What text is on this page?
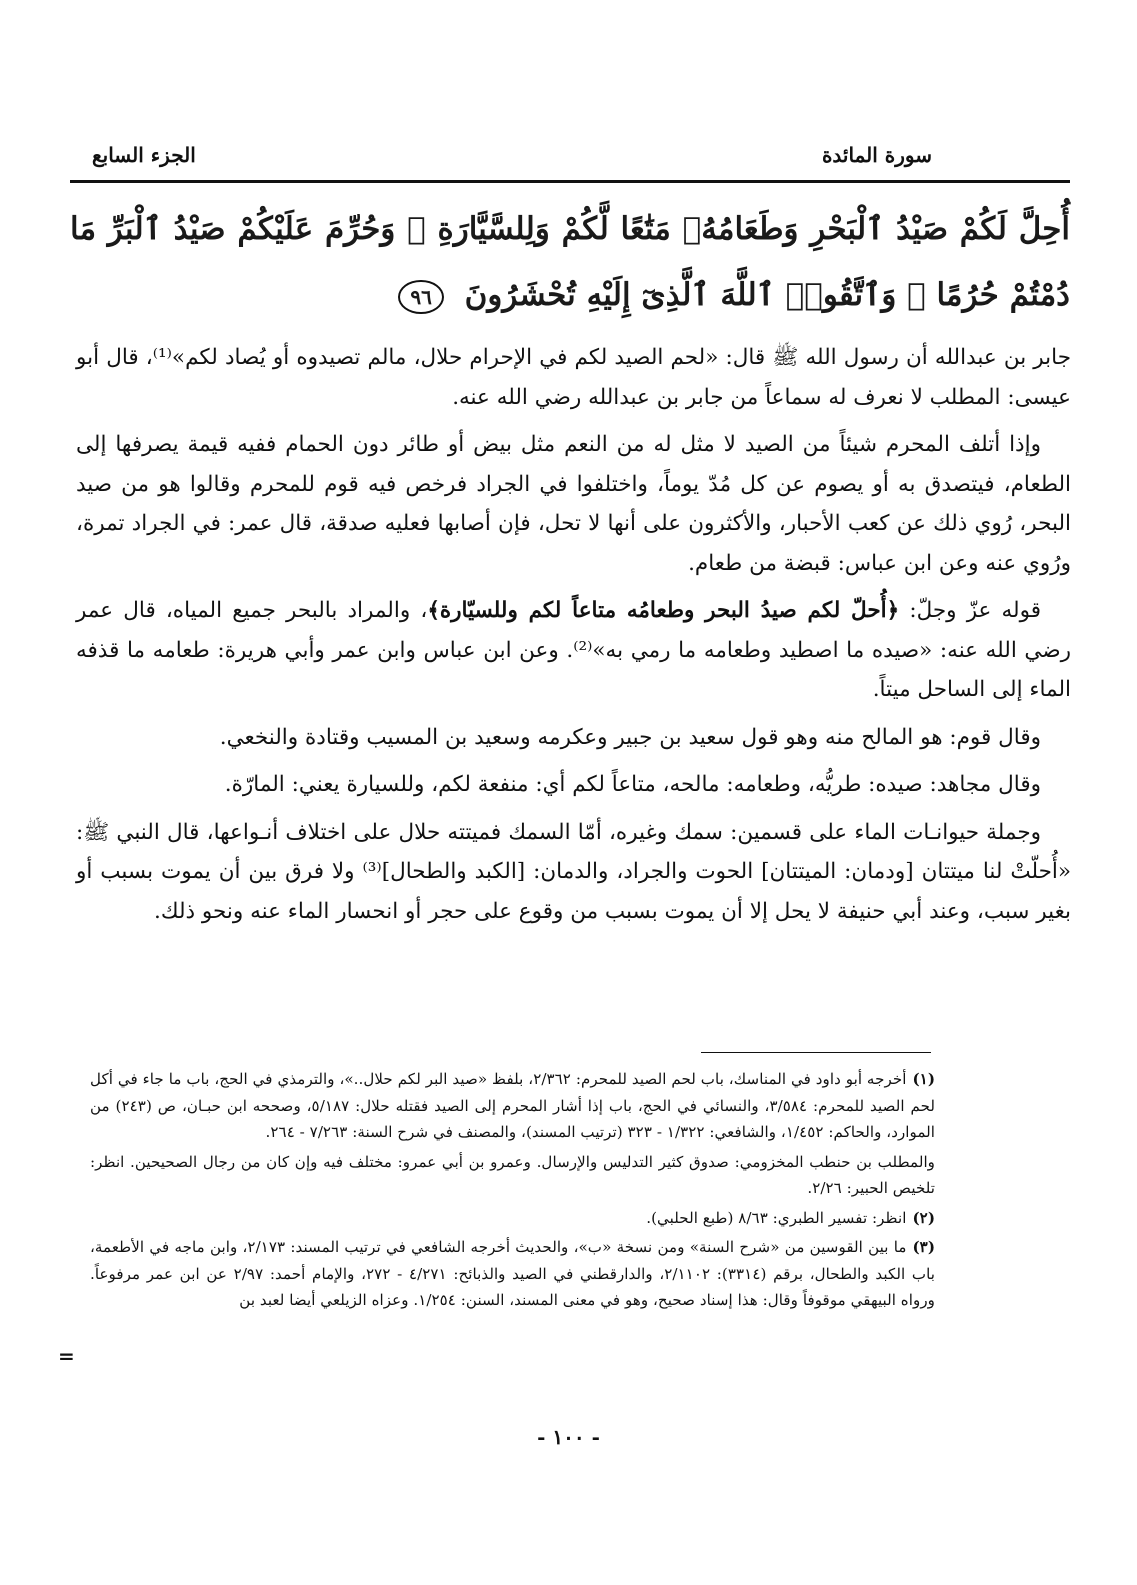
سورة المائدة
الجزء السابع
أُحِلَّ لَكُمْ صَيْدُ ٱلْبَحْرِ وَطَعَامُهُۥ مَتَٰعًا لَّكُمْ وَلِلسَّيَّارَةِ ۖ وَحُرِّمَ عَلَيْكُمْ صَيْدُ ٱلْبَرِّ مَا دُمْتُمْ حُرُمًا ۗ وَٱتَّقُوا۟ ٱللَّهَ ٱلَّذِىٓ إِلَيْهِ تُحْشَرُونَ ٩٦

جابر بن عبدالله أن رسول الله ﷺ قال: «لحم الصيد لكم في الإحرام حلال، مالم تصيدوه أو يُصاد لكم»⁽¹⁾، قال أبو عيسى: المطلب لا نعرف له سماعاً من جابر بن عبدالله رضي الله عنه.

وإذا أتلف المحرم شيئاً من الصيد لا مثل له من النعم مثل بيض أو طائر دون الحمام ففيه قيمة يصرفها إلى الطعام، فيتصدق به أو يصوم عن كل مُدّ يوماً، واختلفوا في الجراد فرخص فيه قوم للمحرم وقالوا هو من صيد البحر، رُوي ذلك عن كعب الأحبار، والأكثرون على أنها لا تحل، فإن أصابها فعليه صدقة، قال عمر: في الجراد تمرة، ورُوي عنه وعن ابن عباس: قبضة من طعام.

قوله عزّ وجلّ: ﴿أُحلّ لكم صيدُ البحر وطعامُه متاعاً لكم وللسيّارة﴾، والمراد بالبحر جميع المياه، قال عمر رضي الله عنه: «صيده ما اصطيد وطعامه ما رمي به»⁽²⁾. وعن ابن عباس وابن عمر وأبي هريرة: طعامه ما قذفه الماء إلى الساحل ميتاً.

وقال قوم: هو المالح منه وهو قول سعيد بن جبير وعكرمه وسعيد بن المسيب وقتادة والنخعي.

وقال مجاهد: صيده: طريُّه، وطعامه: مالحه، متاعاً لكم أي: منفعة لكم، وللسيارة يعني: المارّة.

وجملة حيوانـات الماء على قسمين: سمك وغيره، أمّا السمك فميتته حلال على اختلاف أنـواعها، قال النبي ﷺ: «أُحلّتْ لنا ميتتان [ودمان: الميتتان] الحوت والجراد، والدمان: [الكبد والطحال]⁽³⁾ ولا فرق بين أن يموت بسبب أو بغير سبب، وعند أبي حنيفة لا يحل إلا أن يموت بسبب من وقوع على حجر أو انحسار الماء عنه ونحو ذلك.

(١)أخرجه أبو داود في المناسك، باب لحم الصيد للمحرم: ٢/٣٦٢، بلفظ «صيد البر لكم حلال..»، والترمذي في الحج، باب ما جاء في أكل لحم الصيد للمحرم: ٣/٥٨٤، والنسائي في الحج، باب إذا أشار المحرم إلى الصيد فقتله حلال: ٥/١٨٧، وصححه ابن حبـان، ص (٢٤٣) من الموارد، والحاكم: ١/٤٥٢، والشافعي: ١/٣٢٢ - ٣٢٣ (ترتيب المسند)، والمصنف في شرح السنة: ٧/٢٦٣ - ٢٦٤.
والمطلب بن حنطب المخزومي: صدوق كثير التدليس والإرسال. وعمرو بن أبي عمرو: مختلف فيه وإن كان من رجال الصحيحين. انظر: تلخيص الحبير: ٢/٢٦.
(٢)انظر: تفسير الطبري: ٨/٦٣ (طبع الحلبي).
(٣)ما بين القوسين من «شرح السنة» ومن نسخة «ب»، والحديث أخرجه الشافعي في ترتيب المسند: ٢/١٧٣، وابن ماجه في الأطعمة، باب الكبد والطحال، برقم (٣٣١٤): ٢/١١٠٢، والدارقطني في الصيد والذبائح: ٤/٢٧١ - ٢٧٢، والإمام أحمد: ٢/٩٧ عن ابن عمر مرفوعاً. ورواه البيهقي موقوفاً وقال: هذا إسناد صحيح، وهو في معنى المسند، السنن: ١/٢٥٤. وعزاه الزيلعي أيضا لعبد بن
=
- ١٠٠ -
